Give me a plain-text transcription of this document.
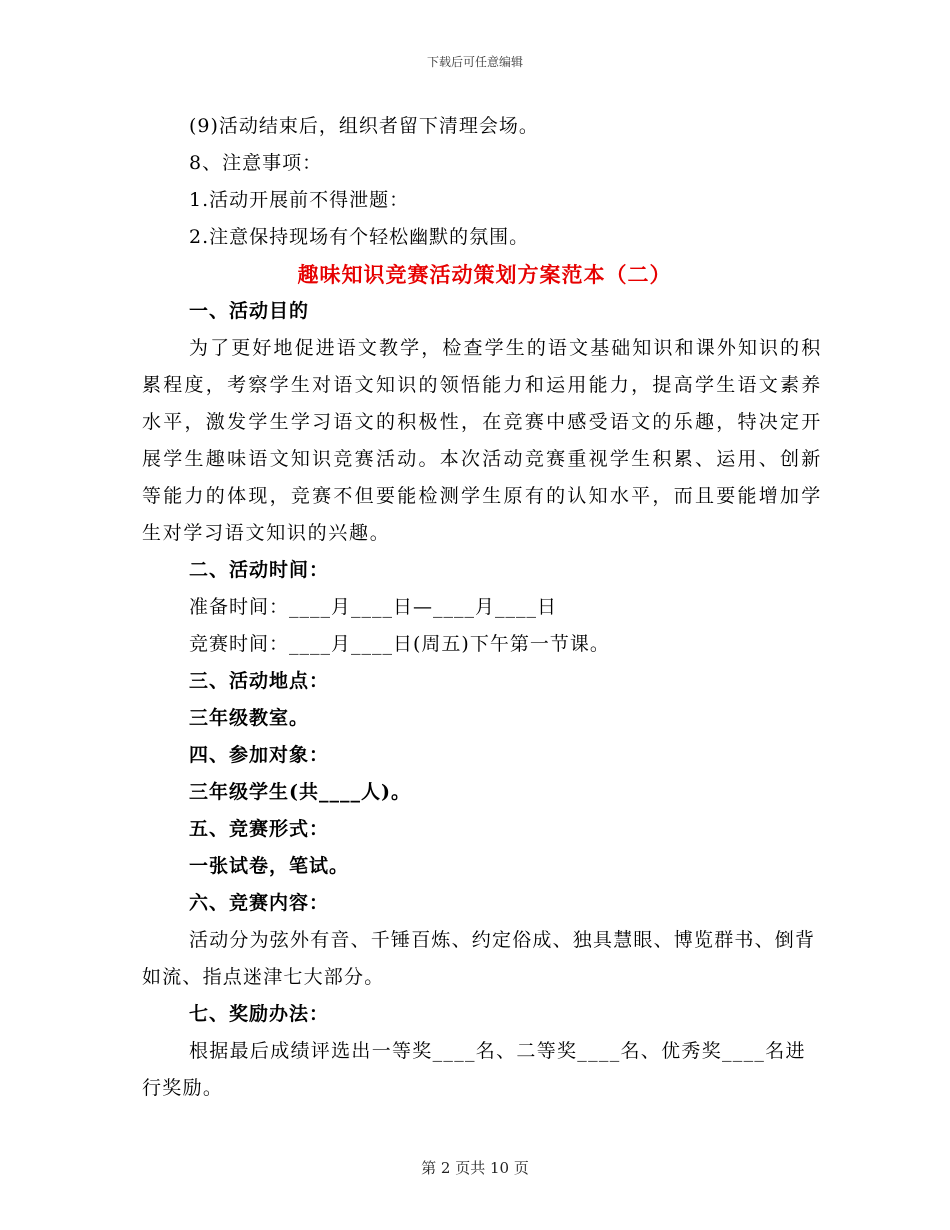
下载后可任意编辑
(9)活动结束后，组织者留下清理会场。
8、注意事项：
1.活动开展前不得泄题：
2.注意保持现场有个轻松幽默的氛围。
趣味知识竞赛活动策划方案范本（二）
一、活动目的
为了更好地促进语文教学，检查学生的语文基础知识和课外知识的积累程度，考察学生对语文知识的领悟能力和运用能力，提高学生语文素养水平，激发学生学习语文的积极性，在竞赛中感受语文的乐趣，特决定开展学生趣味语文知识竞赛活动。本次活动竞赛重视学生积累、运用、创新等能力的体现，竞赛不但要能检测学生原有的认知水平，而且要能增加学生对学习语文知识的兴趣。
二、活动时间：
准备时间：____月____日—____月____日
竞赛时间：____月____日(周五)下午第一节课。
三、活动地点：
三年级教室。
四、参加对象：
三年级学生(共____人)。
五、竞赛形式：
一张试卷，笔试。
六、竞赛内容：
活动分为弦外有音、千锤百炼、约定俗成、独具慧眼、博览群书、倒背如流、指点迷津七大部分。
七、奖励办法：
根据最后成绩评选出一等奖____名、二等奖____名、优秀奖____名进行奖励。
第 2 页共 10 页
